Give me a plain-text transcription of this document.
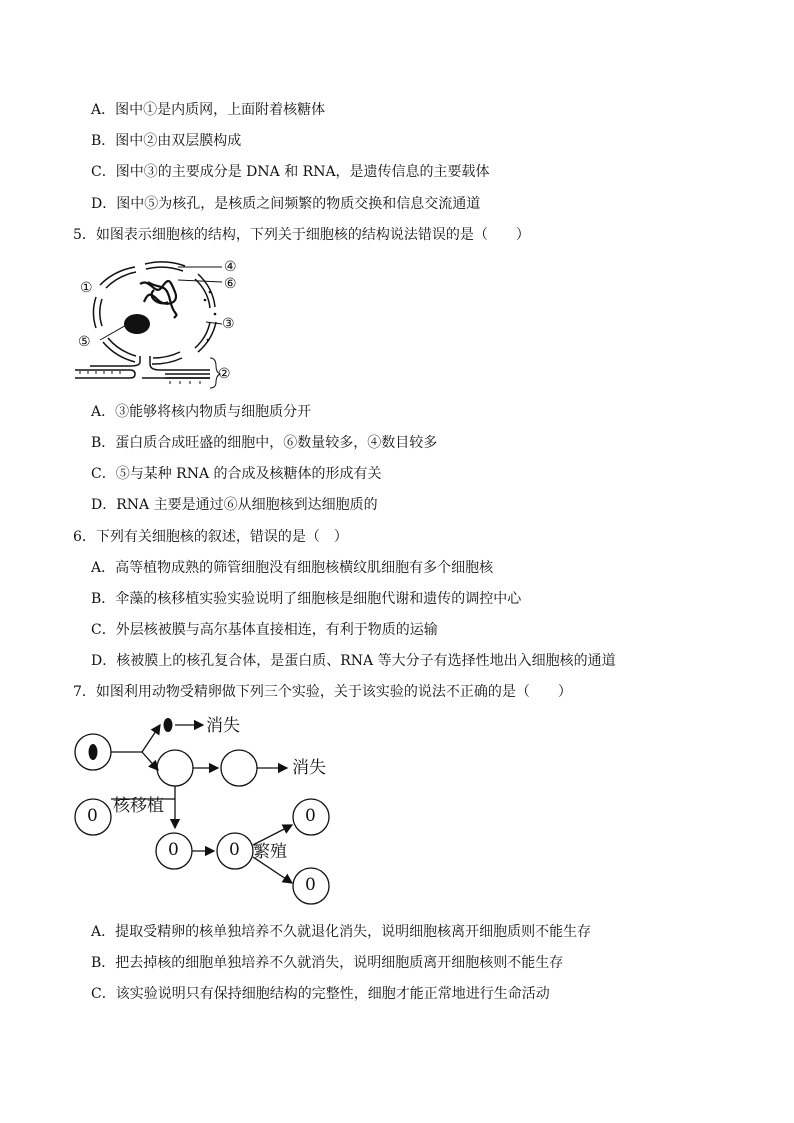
A．图中①是内质网，上面附着核糖体
B．图中②由双层膜构成
C．图中③的主要成分是 DNA 和 RNA，是遗传信息的主要载体
D．图中⑤为核孔，是核质之间频繁的物质交换和信息交流通道
5．如图表示细胞核的结构，下列关于细胞核的结构说法错误的是（　　）
①
②
③
④
⑤
⑥
A．③能够将核内物质与细胞质分开
B．蛋白质合成旺盛的细胞中，⑥数量较多，④数目较多
C．⑤与某种 RNA 的合成及核糖体的形成有关
D．RNA 主要是通过⑥从细胞核到达细胞质的
6．下列有关细胞核的叙述，错误的是（　）
A．高等植物成熟的筛管细胞没有细胞核横纹肌细胞有多个细胞核
B．伞藻的核移植实验实验说明了细胞核是细胞代谢和遗传的调控中心
C．外层核被膜与高尔基体直接相连，有利于物质的运输
D．核被膜上的核孔复合体，是蛋白质、RNA 等大分子有选择性地出入细胞核的通道
7．如图利用动物受精卵做下列三个实验，关于该实验的说法不正确的是（　　）
消失
消失
核移植
繁殖
0
0	0
0
0
A．提取受精卵的核单独培养不久就退化消失，说明细胞核离开细胞质则不能生存
B．把去掉核的细胞单独培养不久就消失，说明细胞质离开细胞核则不能生存
C．该实验说明只有保持细胞结构的完整性，细胞才能正常地进行生命活动
